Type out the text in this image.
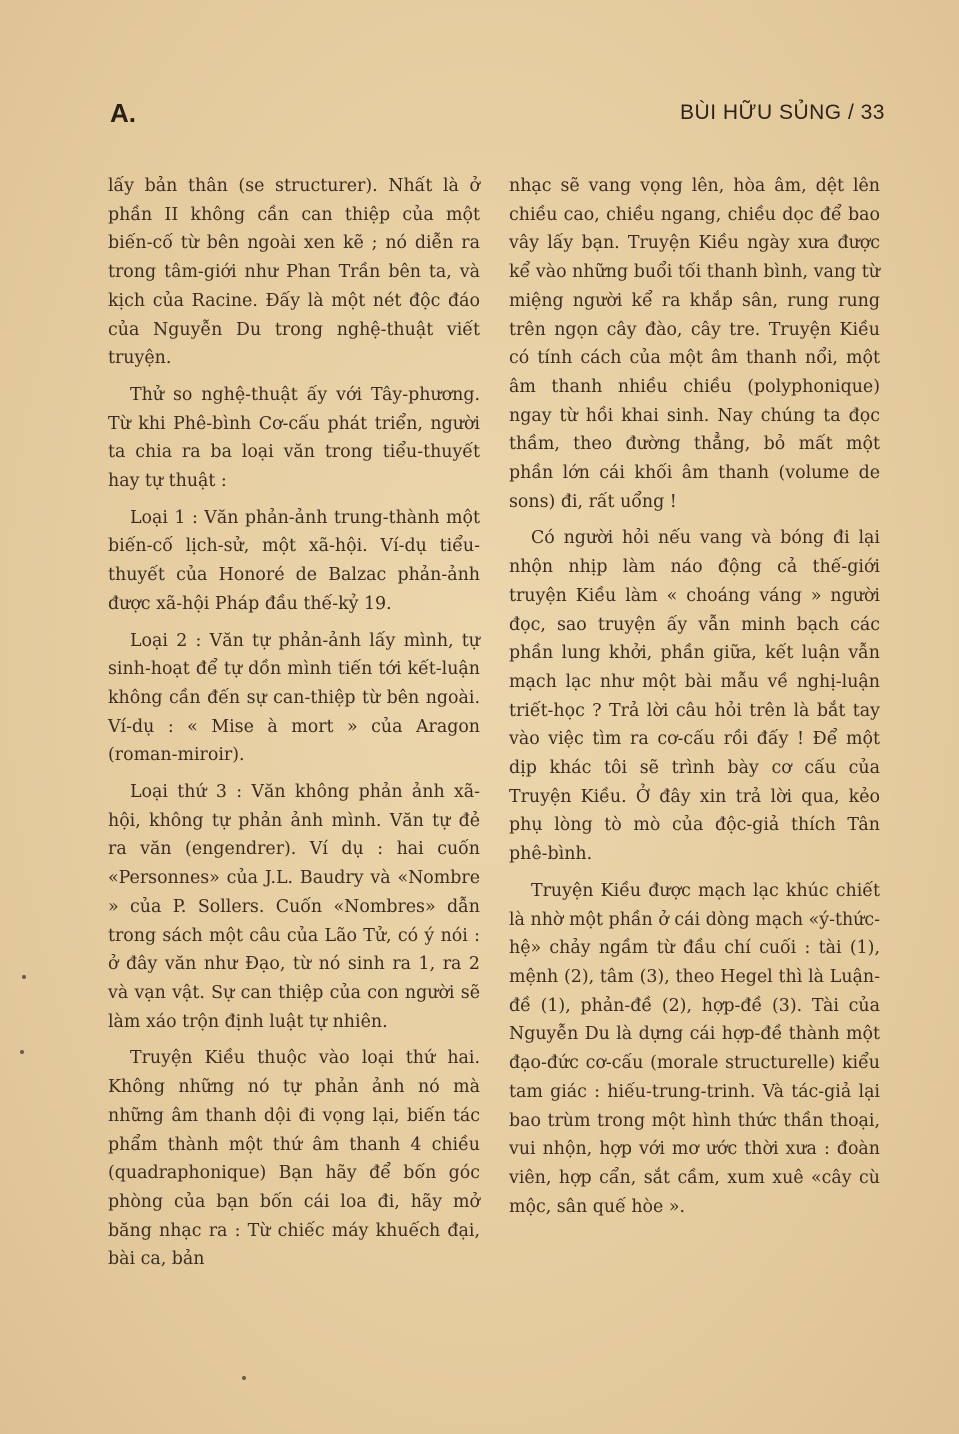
A.	BÙI HỮU SỦNG / 33

lấy bản thân (se structurer). Nhất là ở phần II không cần can thiệp của một biến-cố từ bên ngoài xen kẽ ; nó diễn ra trong tâm-giới như Phan Trần bên ta, và kịch của Racine. Đấy là một nét độc đáo của Nguyễn Du trong nghệ-thuật viết truyện.

Thử so nghệ-thuật ấy với Tây-phương. Từ khi Phê-bình Cơ-cấu phát triển, người ta chia ra ba loại văn trong tiểu-thuyết hay tự thuật :

Loại 1 : Văn phản-ảnh trung-thành một biến-cố lịch-sử, một xã-hội. Ví-dụ tiểu-thuyết của Honoré de Balzac phản-ảnh được xã-hội Pháp đầu thế-kỷ 19.

Loại 2 : Văn tự phản-ảnh lấy mình, tự sinh-hoạt để tự dồn mình tiến tới kết-luận không cần đến sự can-thiệp từ bên ngoài. Ví-dụ : « Mise à mort » của Aragon (roman-miroir).

Loại thứ 3 : Văn không phản ảnh xã-hội, không tự phản ảnh mình. Văn tự đẻ ra văn (engendrer). Ví dụ : hai cuốn «Personnes» của J.L. Baudry và «Nombre » của P. Sollers. Cuốn «Nombres» dẫn trong sách một câu của Lão Tử, có ý nói : ở đây văn như Đạo, từ nó sinh ra 1, ra 2 và vạn vật. Sự can thiệp của con người sẽ làm xáo trộn định luật tự nhiên.

Truyện Kiều thuộc vào loại thứ hai. Không những nó tự phản ảnh nó mà những âm thanh dội đi vọng lại, biến tác phẩm thành một thứ âm thanh 4 chiều (quadraphonique) Bạn hãy để bốn góc phòng của bạn bốn cái loa đi, hãy mở băng nhạc ra : Từ chiếc máy khuếch đại, bài ca, bản

nhạc sẽ vang vọng lên, hòa âm, dệt lên chiều cao, chiều ngang, chiều dọc để bao vây lấy bạn. Truyện Kiều ngày xưa được kể vào những buổi tối thanh bình, vang từ miệng người kể ra khắp sân, rung rung trên ngọn cây đào, cây tre. Truyện Kiều có tính cách của một âm thanh nổi, một âm thanh nhiều chiều (polyphonique) ngay từ hồi khai sinh. Nay chúng ta đọc thầm, theo đường thẳng, bỏ mất một phần lớn cái khối âm thanh (volume de sons) đi, rất uổng !

Có người hỏi nếu vang và bóng đi lại nhộn nhịp làm náo động cả thế-giới truyện Kiều làm « choáng váng » người đọc, sao truyện ấy vẫn minh bạch các phần lung khởi, phần giữa, kết luận vẫn mạch lạc như một bài mẫu về nghị-luận triết-học ? Trả lời câu hỏi trên là bắt tay vào việc tìm ra cơ-cấu rồi đấy ! Để một dịp khác tôi sẽ trình bày cơ cấu của Truyện Kiều. Ở đây xin trả lời qua, kẻo phụ lòng tò mò của độc-giả thích Tân phê-bình.

Truyện Kiều được mạch lạc khúc chiết là nhờ một phần ở cái dòng mạch «ý-thức-hệ» chảy ngầm từ đầu chí cuối : tài (1), mệnh (2), tâm (3), theo Hegel thì là Luận-đề (1), phản-đề (2), hợp-đề (3). Tài của Nguyễn Du là dựng cái hợp-đề thành một đạo-đức cơ-cấu (morale structurelle) kiểu tam giác : hiếu-trung-trinh. Và tác-giả lại bao trùm trong một hình thức thần thoại, vui nhộn, hợp với mơ ước thời xưa : đoàn viên, hợp cẩn, sắt cầm, xum xuê «cây cù mộc, sân quế hòe ».
